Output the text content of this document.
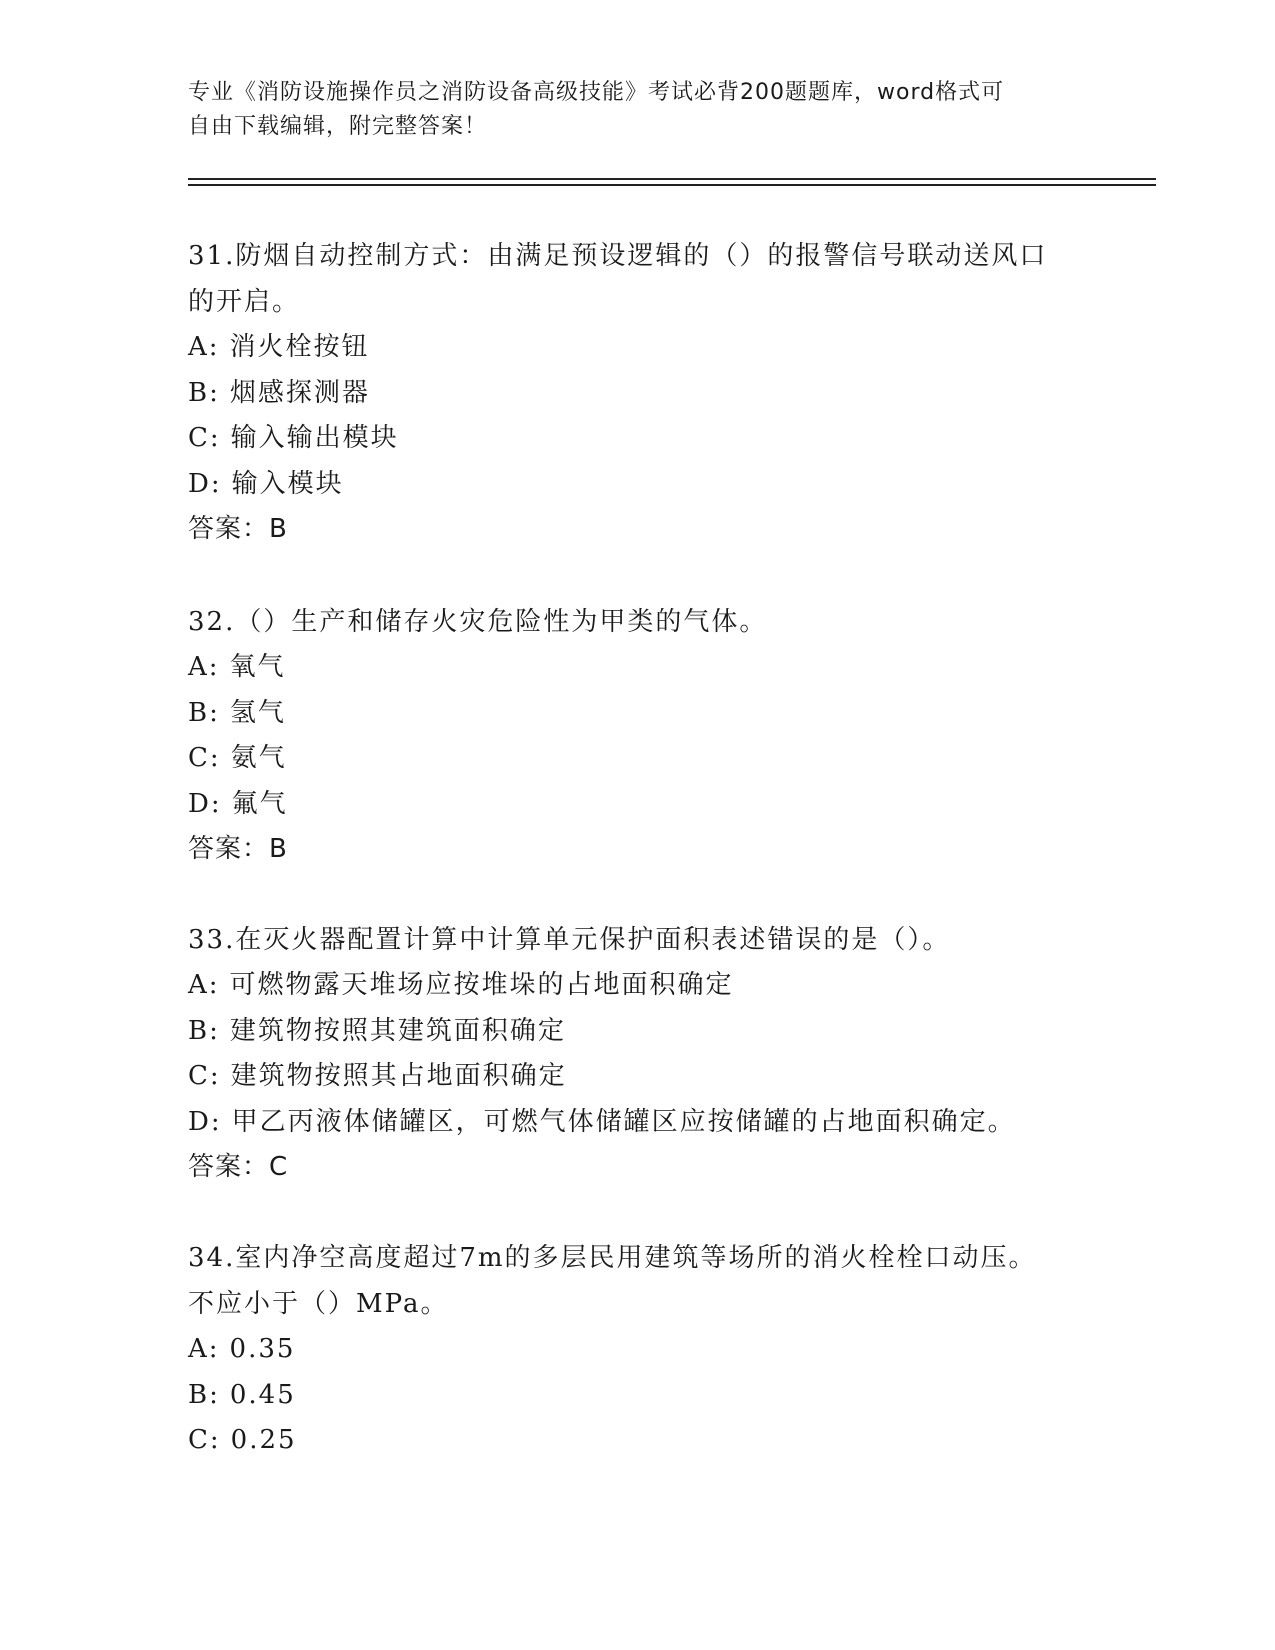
专业《消防设施操作员之消防设备高级技能》考试必背200题题库，word格式可
自由下载编辑，附完整答案！

31.防烟自动控制方式：由满足预设逻辑的（）的报警信号联动送风口
的开启。

A: 消火栓按钮

B: 烟感探测器

C: 输入输出模块

D: 输入模块

答案：B

32.（）生产和储存火灾危险性为甲类的气体。

A: 氧气

B: 氢气

C: 氨气

D: 氟气

答案：B

33.在灭火器配置计算中计算单元保护面积表述错误的是（）。

A: 可燃物露天堆场应按堆垛的占地面积确定

B: 建筑物按照其建筑面积确定

C: 建筑物按照其占地面积确定

D: 甲乙丙液体储罐区，可燃气体储罐区应按储罐的占地面积确定。

答案：C

34.室内净空高度超过7m的多层民用建筑等场所的消火栓栓口动压。
不应小于（）MPa。

A: 0.35

B: 0.45

C: 0.25
